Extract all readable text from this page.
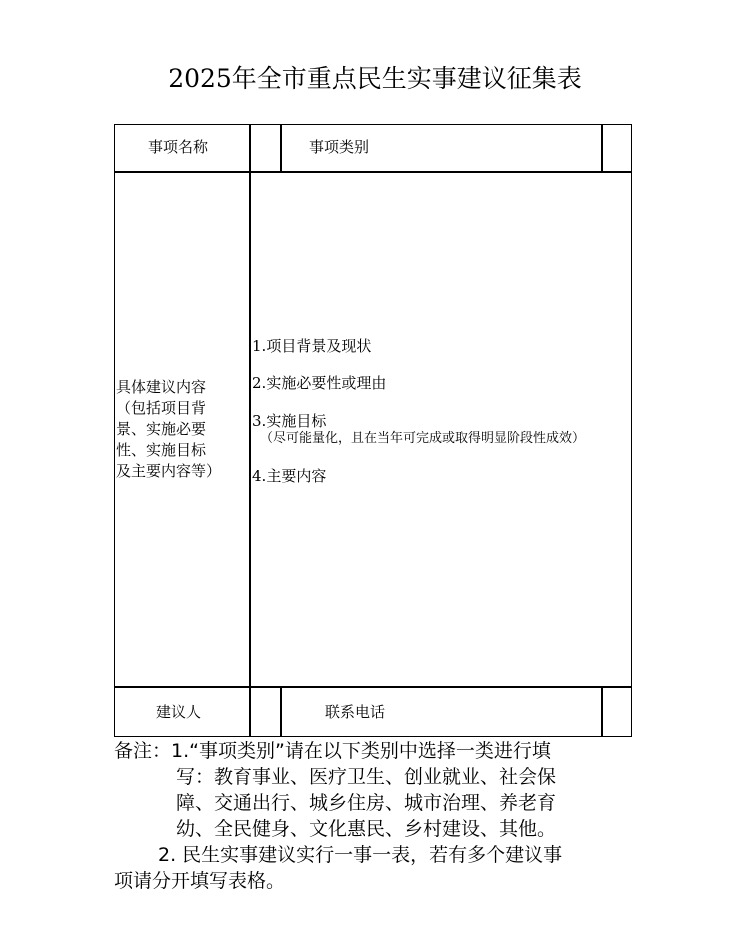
2025年全市重点民生实事建议征集表
事项名称	事项类别
具体建议内容
（包括项目背
景、实施必要
性、实施目标
及主要内容等）
1.项目背景及现状
2.实施必要性或理由
3.实施目标
（尽可能量化，且在当年可完成或取得明显阶段性成效）
4.主要内容
建议人	联系电话
备注：1.“事项类别”请在以下类别中选择一类进行填
写：教育事业、医疗卫生、创业就业、社会保
障、交通出行、城乡住房、城市治理、养老育
幼、全民健身、文化惠民、乡村建设、其他。
2. 民生实事建议实行一事一表，若有多个建议事
项请分开填写表格。
